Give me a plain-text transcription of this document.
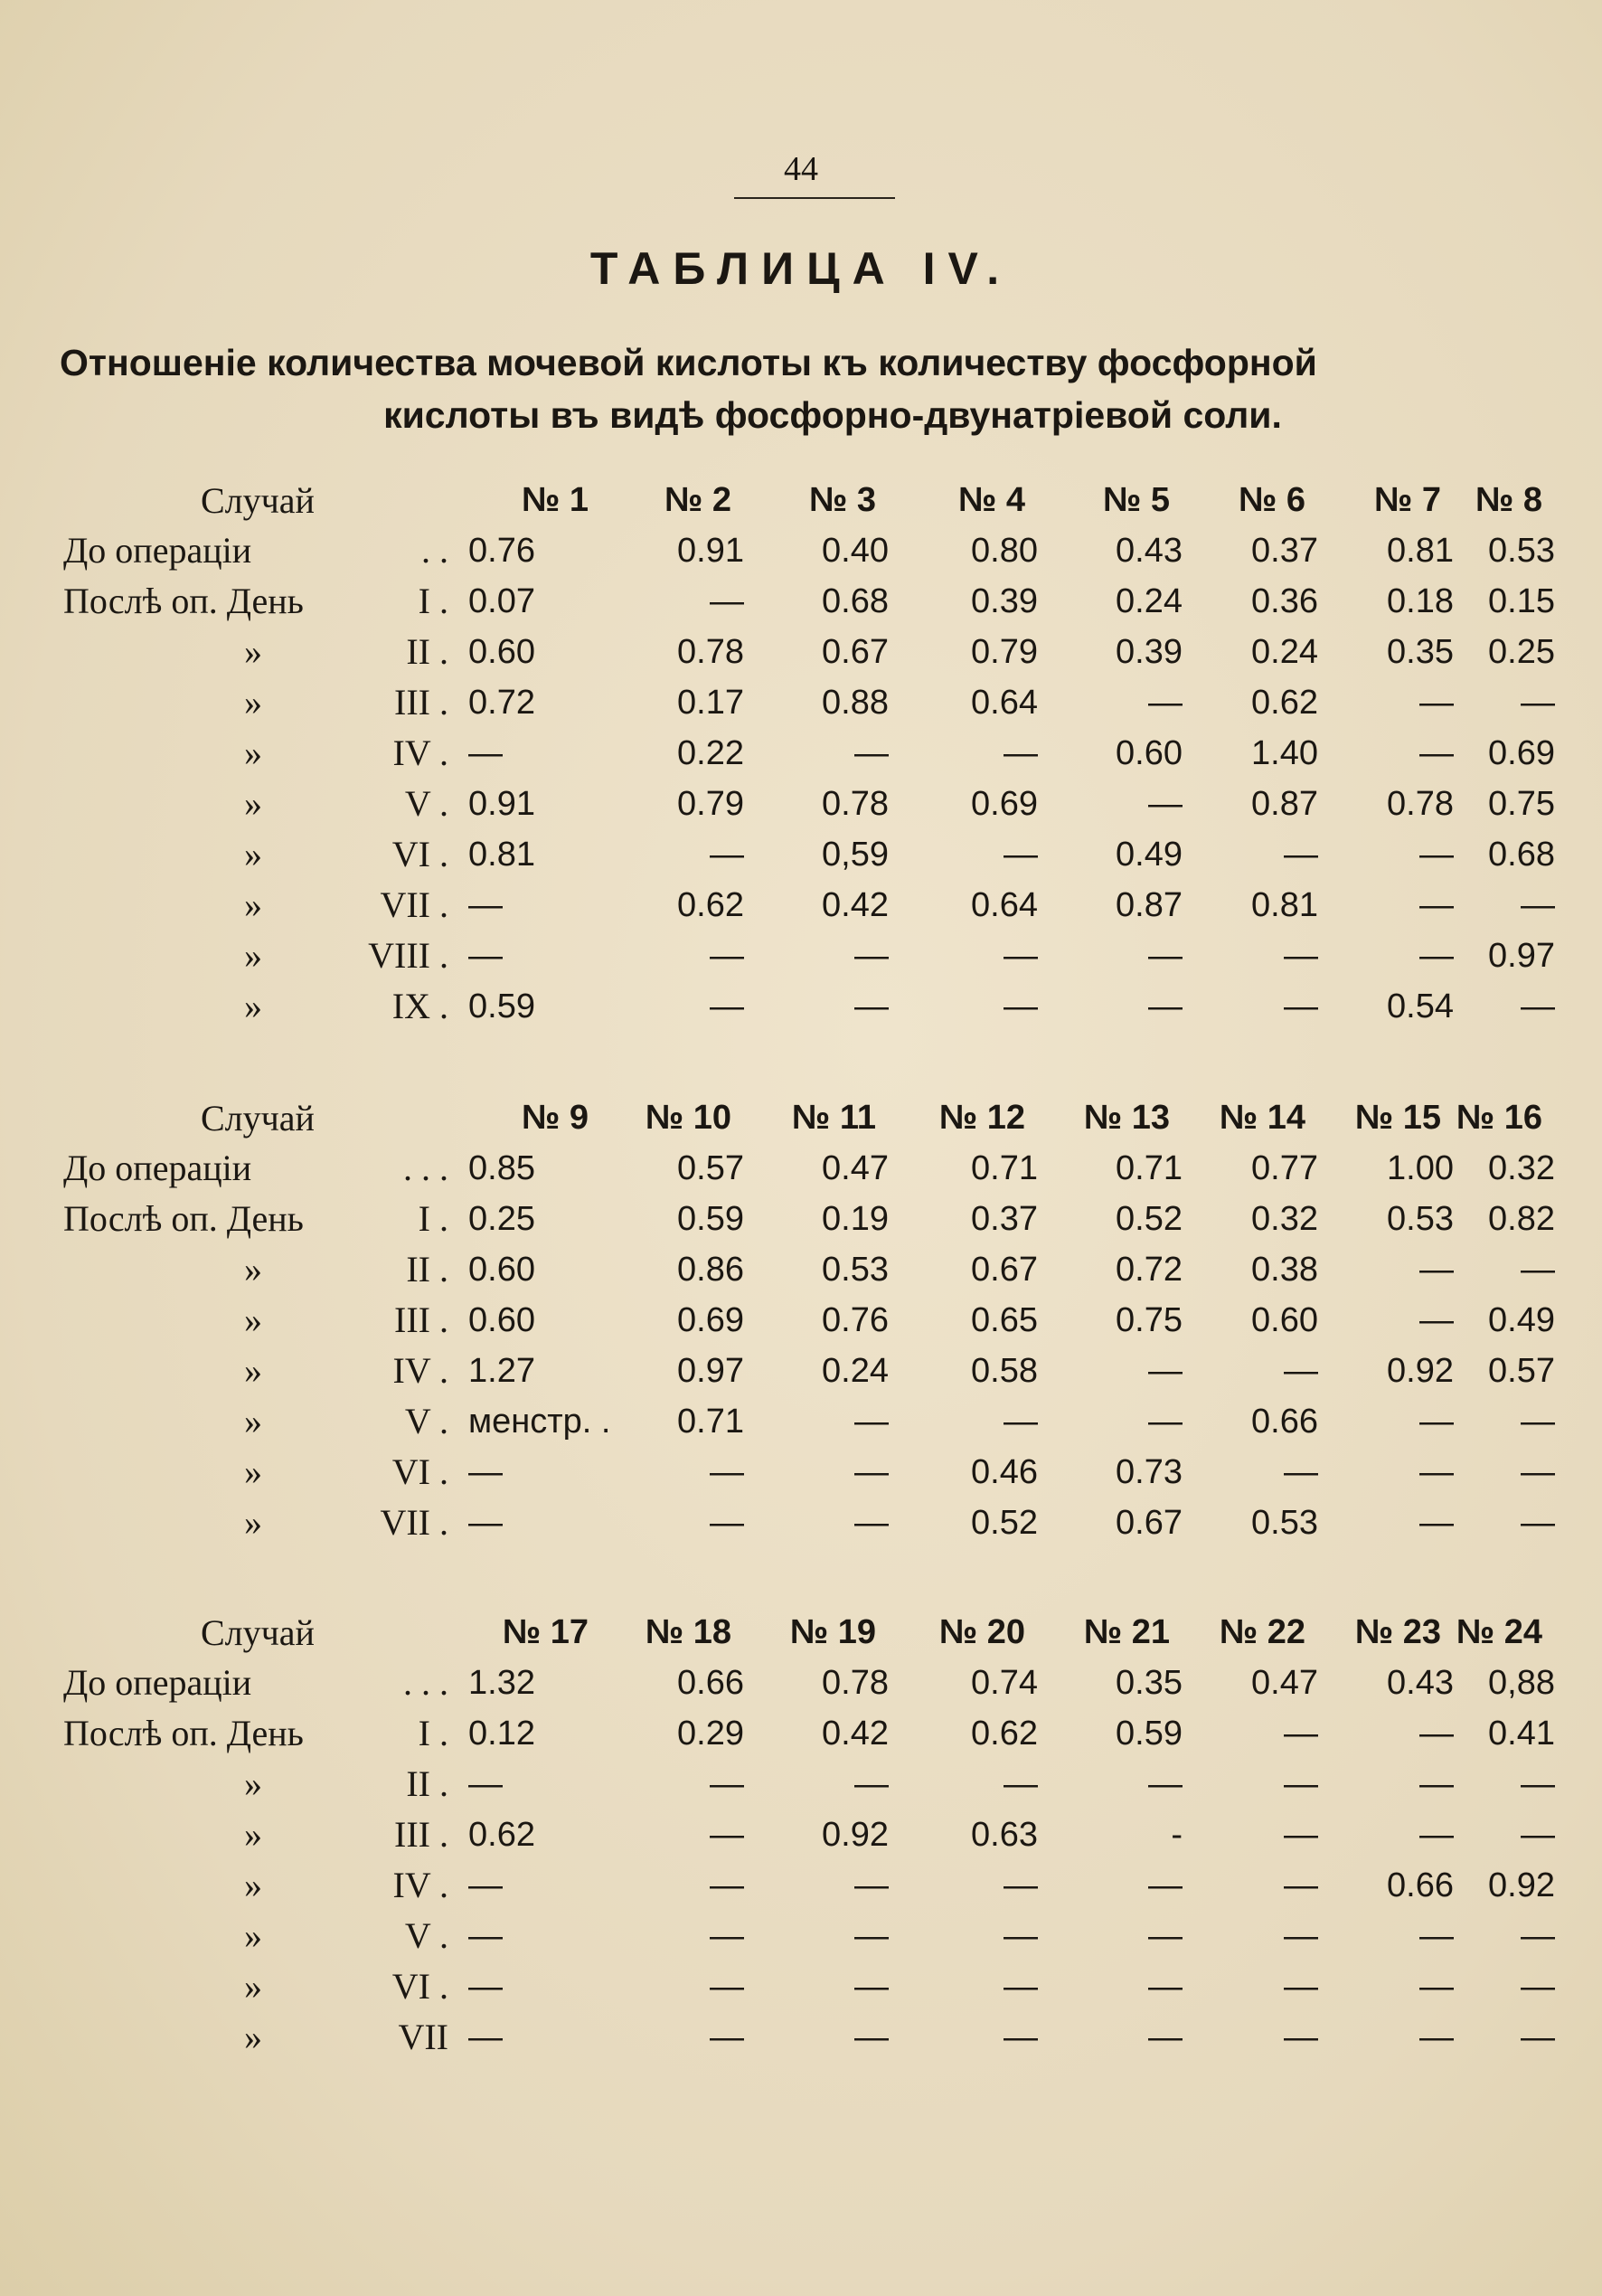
44
ТАБЛИЦА IV.
Отношенiе количества мочевой кислоты къ количеству фосфорной
кислоты въ видѣ фосфорно-двунатрiевой соли.
Случай	№ 1	№ 2	№ 3	№ 4	№ 5	№ 6	№ 7	№ 8

До операцiи . .	0.76	0.91	0.40	0.80	0.43	0.37	0.81	0.53

Послѣ оп. День I .	0.07	—	0.68	0.39	0.24	0.36	0.18	0.15

» II .	0.60	0.78	0.67	0.79	0.39	0.24	0.35	0.25

» III .	0.72	0.17	0.88	0.64	—	0.62	—	—

» IV .	—	0.22	—	—	0.60	1.40	—	0.69

» V .	0.91	0.79	0.78	0.69	—	0.87	0.78	0.75

» VI .	0.81	—	0,59	—	0.49	—	—	0.68

» VII .	—	0.62	0.42	0.64	0.87	0.81	—	—

» VIII .	—	—	—	—	—	—	—	0.97

» IX .	0.59	—	—	—	—	—	0.54	—
Случай	№ 9	№ 10	№ 11	№ 12	№ 13	№ 14	№ 15	№ 16

До операцiи . . .	0.85	0.57	0.47	0.71	0.71	0.77	1.00	0.32

Послѣ оп. День I .	0.25	0.59	0.19	0.37	0.52	0.32	0.53	0.82

» II .	0.60	0.86	0.53	0.67	0.72	0.38	—	—

» III .	0.60	0.69	0.76	0.65	0.75	0.60	—	0.49

» IV .	1.27	0.97	0.24	0.58	—	—	0.92	0.57

» V .	менстр. .	0.71	—	—	—	0.66	—	—

» VI .	—	—	—	0.46	0.73	—	—	—

» VII .	—	—	—	0.52	0.67	0.53	—	—
Случай	№ 17	№ 18	№ 19	№ 20	№ 21	№ 22	№ 23	№ 24

До операцiи . . .	1.32	0.66	0.78	0.74	0.35	0.47	0.43	0,88

Послѣ оп. День I .	0.12	0.29	0.42	0.62	0.59	—	—	0.41

» II .	—	—	—	—	—	—	—	—

» III .	0.62	—	0.92	0.63	-	—	—	—

» IV .	—	—	—	—	—	—	0.66	0.92

» V .	—	—	—	—	—	—	—	—

» VI .	—	—	—	—	—	—	—	—

» VII	—	—	—	—	—	—	—	—
